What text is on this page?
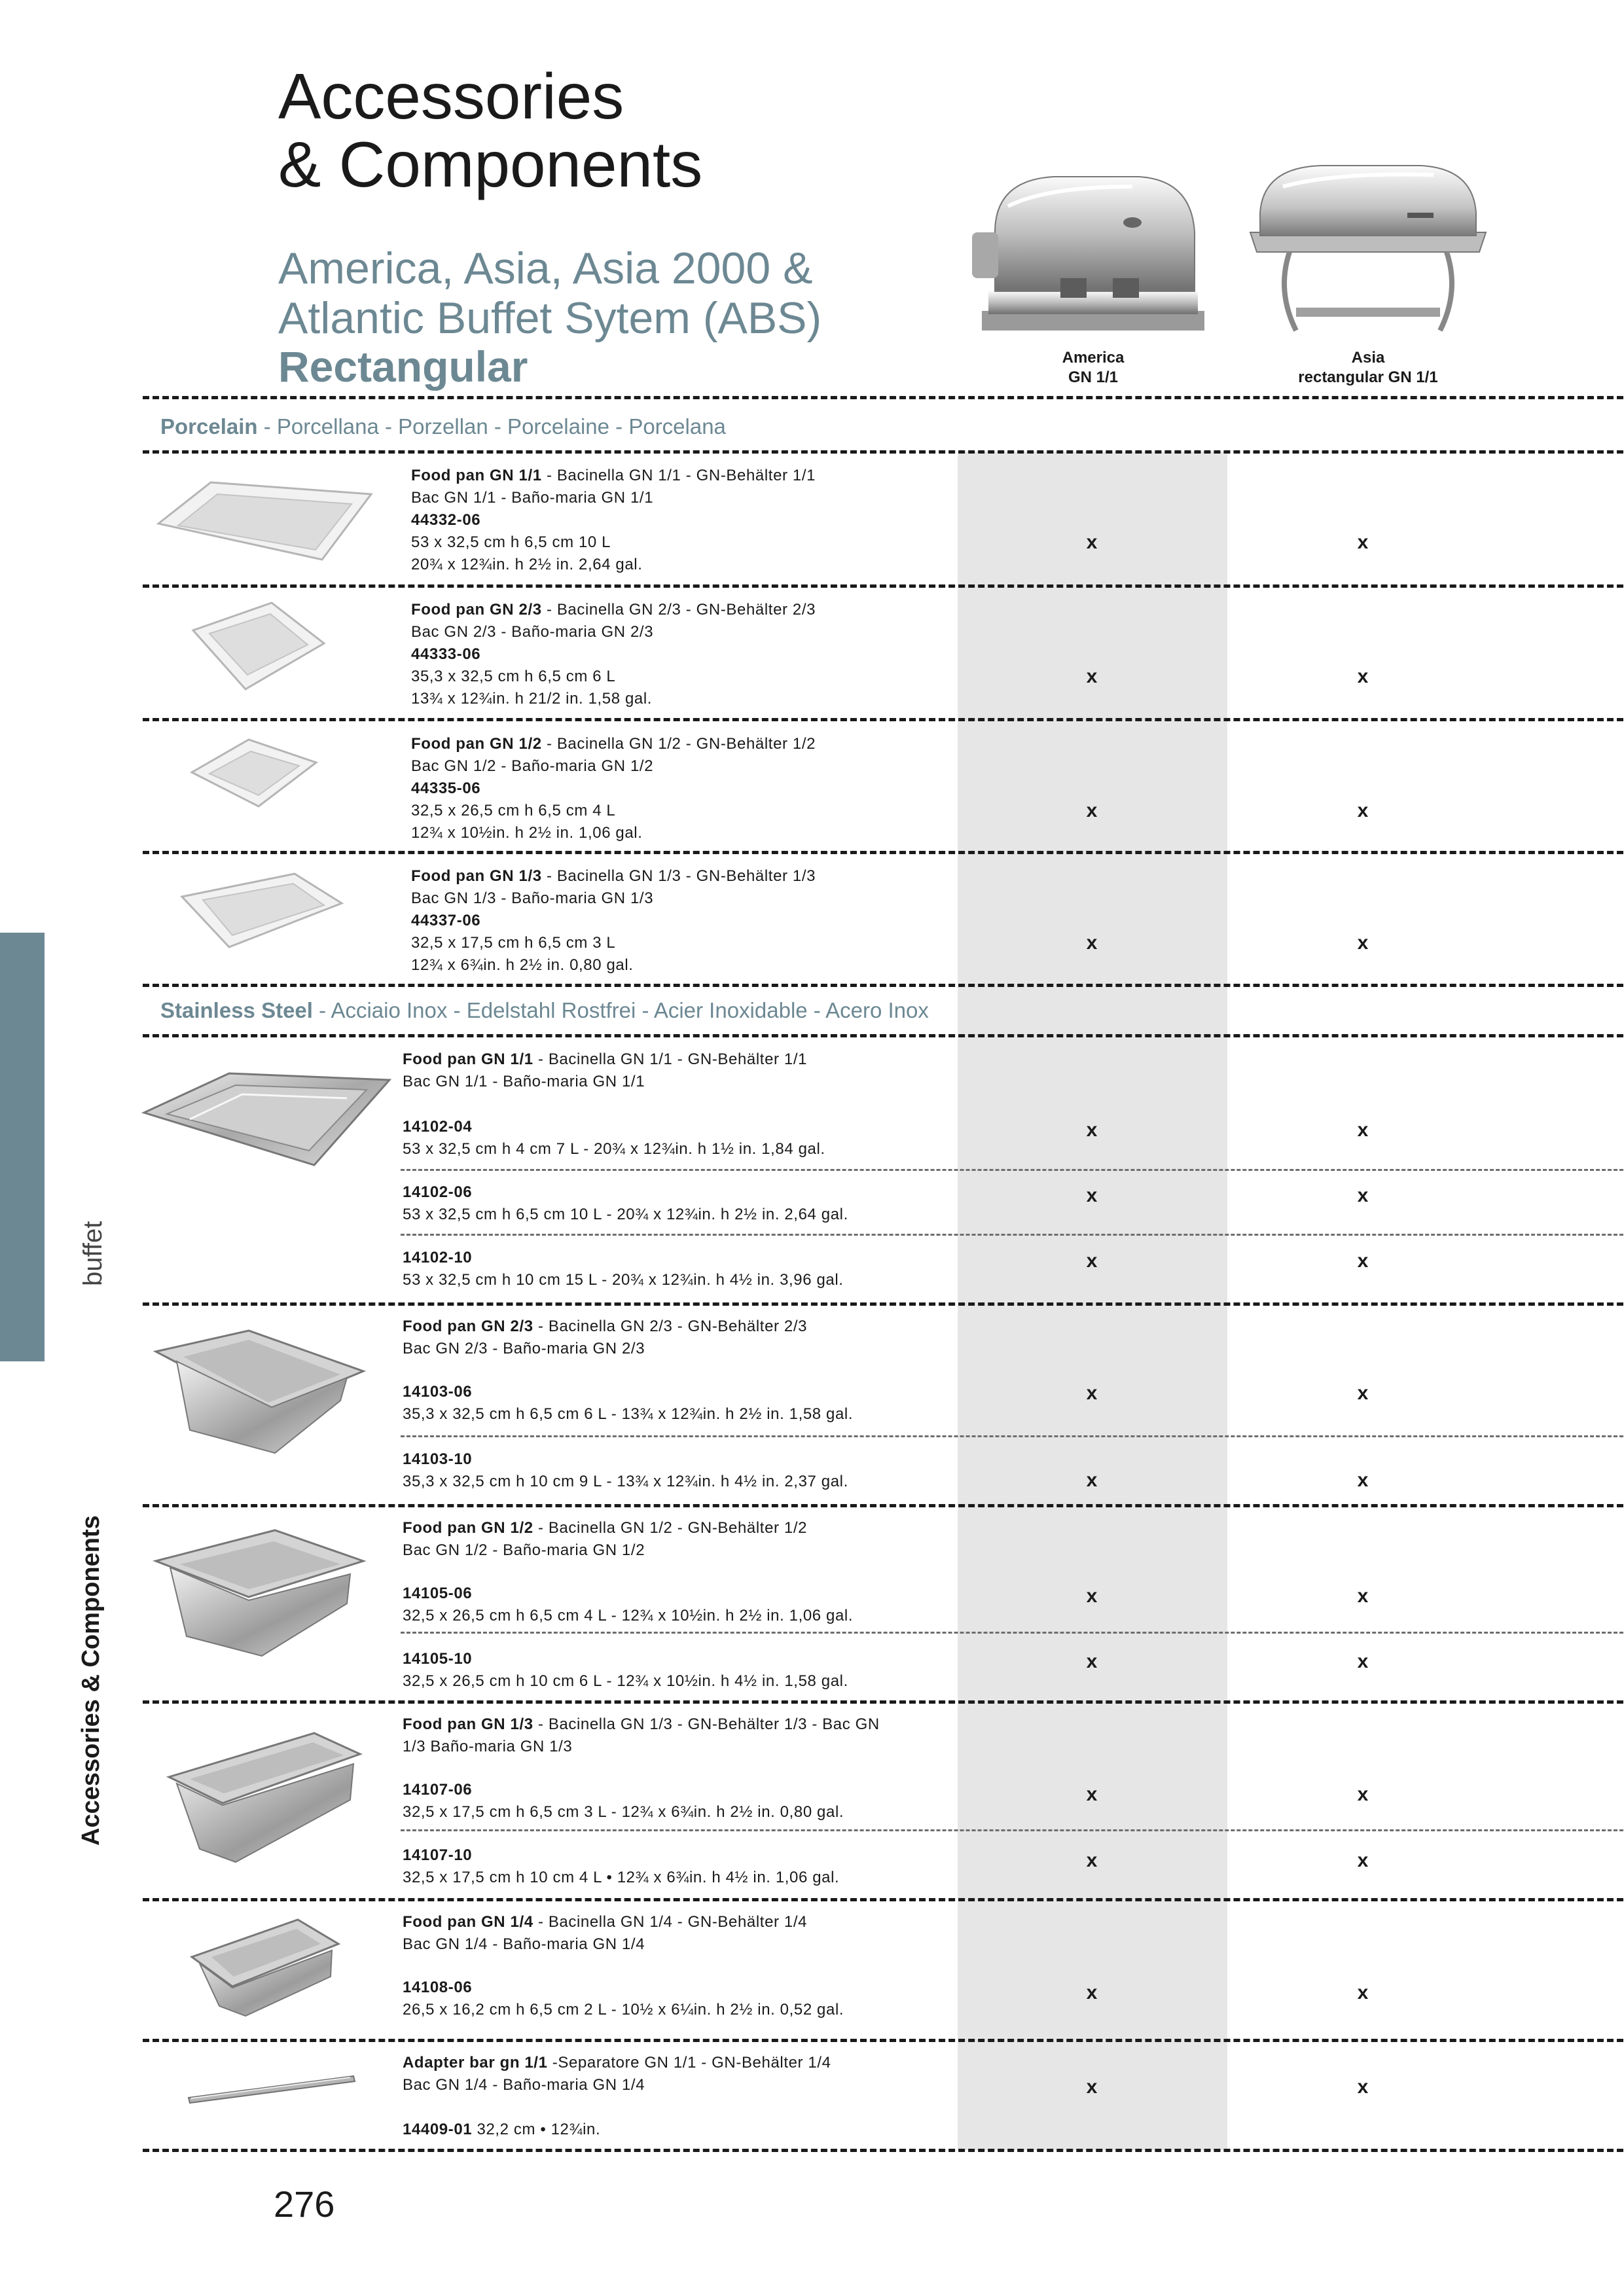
Accessories
& Components
America, Asia, Asia 2000 &
Atlantic Buffet Sytem (ABS)
Rectangular	America
GN 1/1
Asia
rectangular GN 1/1
buffet
Accessories & Components
Porcelain - Porcellana - Porzellan - Porcelaine - Porcelana
Food pan GN 1/1 - Bacinella GN 1/1 - GN-Behälter 1/1
Bac GN 1/1 - Baño-maria GN 1/1
44332-06
53 x 32,5 cm h 6,5 cm 10 L
20¾ x 12¾in. h 2½ in. 2,64 gal.
x	x
Food pan GN 2/3 - Bacinella GN 2/3 - GN-Behälter 2/3
Bac GN 2/3 - Baño-maria GN 2/3
44333-06
35,3 x 32,5 cm h 6,5 cm 6 L
13¾ x 12¾in. h 21/2 in. 1,58 gal.
x	x
Food pan GN 1/2 - Bacinella GN 1/2 - GN-Behälter 1/2
Bac GN 1/2 - Baño-maria GN 1/2
44335-06
32,5 x 26,5 cm h 6,5 cm 4 L
12¾ x 10½in. h 2½ in. 1,06 gal.
x	x
Food pan GN 1/3 - Bacinella GN 1/3 - GN-Behälter 1/3
Bac GN 1/3 - Baño-maria GN 1/3
44337-06
32,5 x 17,5 cm h 6,5 cm 3 L
12¾ x 6¾in. h 2½ in. 0,80 gal.
x	x
Stainless Steel - Acciaio Inox - Edelstahl Rostfrei - Acier Inoxidable - Acero Inox
Food pan GN 1/1 - Bacinella GN 1/1 - GN-Behälter 1/1
Bac GN 1/1 - Baño-maria GN 1/1
14102-04
53 x 32,5 cm h 4 cm 7 L - 20¾ x 12¾in. h 1½ in. 1,84 gal.
x	x
14102-06
53 x 32,5 cm h 6,5 cm 10 L - 20¾ x 12¾in. h 2½ in. 2,64 gal.
x	x
14102-10
53 x 32,5 cm h 10 cm 15 L - 20¾ x 12¾in. h 4½ in. 3,96 gal.
x	x
Food pan GN 2/3 - Bacinella GN 2/3 - GN-Behälter 2/3
Bac GN 2/3 - Baño-maria GN 2/3
14103-06
35,3 x 32,5 cm h 6,5 cm 6 L - 13¾ x 12¾in. h 2½ in. 1,58 gal.
x	x
14103-10
35,3 x 32,5 cm h 10 cm 9 L - 13¾ x 12¾in. h 4½ in. 2,37 gal.	x	x
Food pan GN 1/2 - Bacinella GN 1/2 - GN-Behälter 1/2
Bac GN 1/2 - Baño-maria GN 1/2
14105-06
32,5 x 26,5 cm h 6,5 cm 4 L - 12¾ x 10½in. h 2½ in. 1,06 gal.
x	x
14105-10
32,5 x 26,5 cm h 10 cm 6 L - 12¾ x 10½in. h 4½ in. 1,58 gal.
x	x
Food pan GN 1/3 - Bacinella GN 1/3 - GN-Behälter 1/3 - Bac GN
1/3 Baño-maria GN 1/3
14107-06
32,5 x 17,5 cm h 6,5 cm 3 L - 12¾ x 6¾in. h 2½ in. 0,80 gal.
x	x
14107-10
32,5 x 17,5 cm h 10 cm 4 L • 12¾ x 6¾in. h 4½ in. 1,06 gal.
x	x
Food pan GN 1/4 - Bacinella GN 1/4 - GN-Behälter 1/4
Bac GN 1/4 - Baño-maria GN 1/4
14108-06
26,5 x 16,2 cm h 6,5 cm 2 L - 10½ x 6¼in. h 2½ in. 0,52 gal.
x	x
Adapter bar gn 1/1 -Separatore GN 1/1 - GN-Behälter 1/4
Bac GN 1/4 - Baño-maria GN 1/4
14409-01 32,2 cm • 12¾in.
x	x
276
